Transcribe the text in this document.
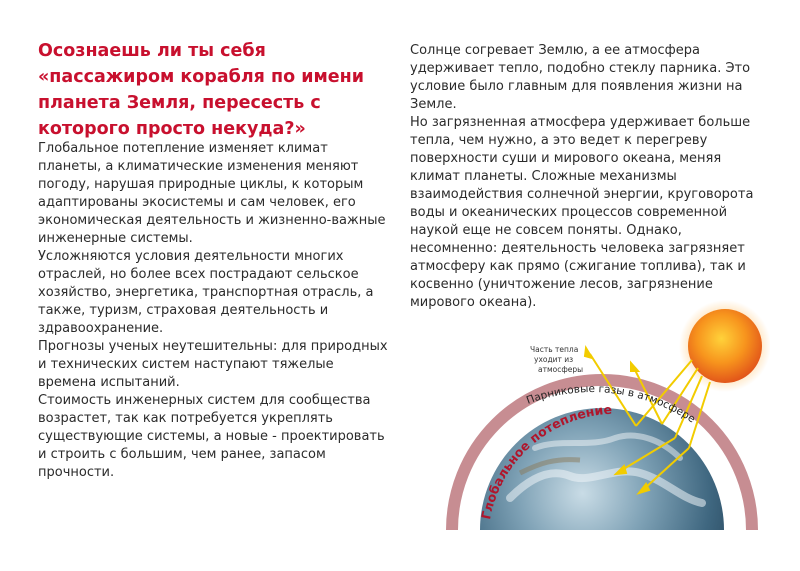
Осознаешь ли ты себя «пассажиром корабля по имени планета Земля, пересесть с которого просто некуда?»

Глобальное потепление изменяет климат планеты, а климатические изменения меняют погоду, нарушая природные циклы, к которым адаптированы экосистемы и сам человек, его экономическая деятельность и жизненно-важные инженерные системы.

Усложняются условия деятельности многих отраслей, но более всех пострадают сельское хозяйство, энергетика, транспортная отрасль, а также, туризм, страховая деятельность и здравоохранение.

Прогнозы ученых неутешительны: для природных и технических систем наступают тяжелые времена испытаний.

Стоимость инженерных систем для сообщества возрастет, так как потребуется укреплять существующие системы, а новые - проектировать и строить с большим, чем ранее, запасом прочности.

Солнце согревает Землю, а ее атмосфера удерживает тепло, подобно стеклу парника. Это условие было главным для появления жизни на Земле.

Но загрязненная атмосфера удерживает больше тепла, чем нужно, а это ведет к перегреву поверхности суши и мирового океана, меняя климат планеты. Сложные механизмы взаимодействия солнечной энергии, круговорота воды и океанических процессов современной наукой еще не совсем поняты. Однако, несомненно: деятельность человека загрязняет атмосферу как прямо (сжигание топлива), так и косвенно (уничтожение лесов, загрязнение мирового океана).

Часть тепла
уходит из
атмосферы
Парниковые газы в атмосфере
Глобальное потепление
